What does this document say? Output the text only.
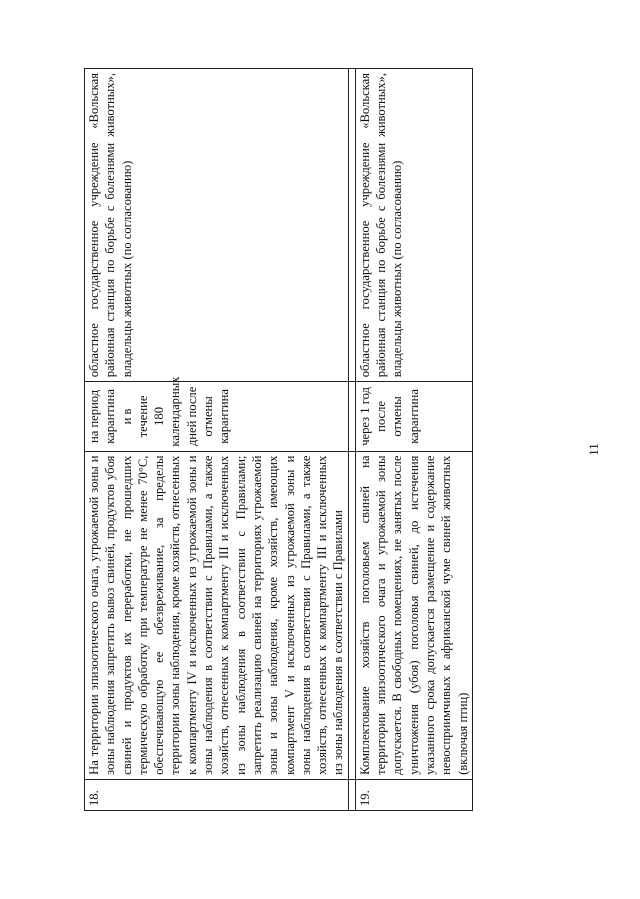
11
18.	На территории эпизоотического очага, угрожаемой зоны и зоны наблюдения запретить вывоз свиней, продуктов убоя свиней и продуктов их переработки, не прошедших термическую обработку при температуре не менее 70°С, обеспечивающую ее обезвреживание, за пределы территории зоны наблюдения, кроме хозяйств, отнесенных к компартменту IV и исключенных из угрожаемой зоны и зоны наблюдения в соответствии с Правилами, а также хозяйств, отнесенных к компартменту III и исключенных из зоны наблюдения в соответствии с Правилами; запретить реализацию свиней на территориях угрожаемой зоны и зоны наблюдения, кроме хозяйств, имеющих компартмент V и исключенных из угрожаемой зоны и зоны наблюдения в соответствии с Правилами, а также хозяйств, отнесенных к компартменту III и исключенных из зоны наблюдения в соответствии с Правилами	на период карантина и в течение 180 календарных дней после отмены карантина	областное государственное учреждение «Вольская районная станция по борьбе с болезнями животных», владельцы животных (по согласованию)

19.	Комплектование хозяйств поголовьем свиней на территории эпизоотического очага и угрожаемой зоны допускается. В свободных помещениях, не занятых после уничтожения (убоя) поголовья свиней, до истечения указанного срока допускается размещение и содержание невосприимчивых к африканской чуме свиней животных (включая птиц)	через 1 год после отмены карантина	областное государственное учреждение «Вольская районная станция по борьбе с болезнями животных», владельцы животных (по согласованию)
